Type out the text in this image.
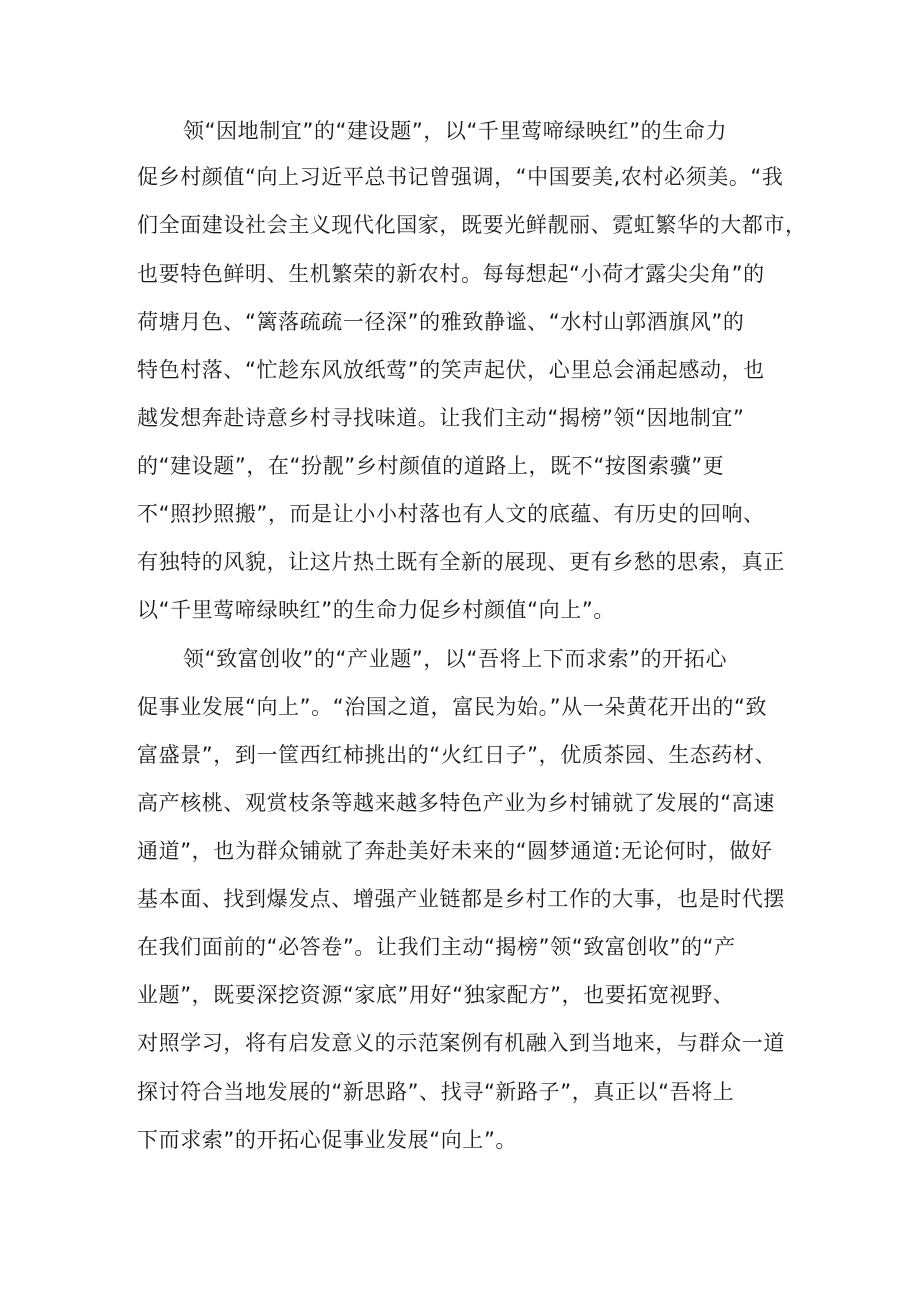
领“因地制宜”的“建设题”，以“千里莺啼绿映红”的生命力
促乡村颜值“向上习近平总书记曾强调，“中国要美,农村必须美。“我
们全面建设社会主义现代化国家，既要光鲜靓丽、霓虹繁华的大都市，
也要特色鲜明、生机繁荣的新农村。每每想起“小荷才露尖尖角”的
荷塘月色、“篱落疏疏一径深”的雅致静谧、“水村山郭酒旗风”的
特色村落、“忙趁东风放纸莺”的笑声起伏，心里总会涌起感动，也
越发想奔赴诗意乡村寻找味道。让我们主动“揭榜”领“因地制宜”
的“建设题”，在“扮靓”乡村颜值的道路上，既不“按图索骥”更
不“照抄照搬”，而是让小小村落也有人文的底蕴、有历史的回响、
有独特的风貌，让这片热土既有全新的展现、更有乡愁的思索，真正
以“千里莺啼绿映红”的生命力促乡村颜值“向上”。
领“致富创收”的“产业题”，以“吾将上下而求索”的开拓心
促事业发展“向上”。“治国之道，富民为始。”从一朵黄花开出的“致
富盛景”，到一筐西红柿挑出的“火红日子”，优质茶园、生态药材、
高产核桃、观赏枝条等越来越多特色产业为乡村铺就了发展的“高速
通道”，也为群众铺就了奔赴美好未来的“圆梦通道:无论何时，做好
基本面、找到爆发点、增强产业链都是乡村工作的大事，也是时代摆
在我们面前的“必答卷”。让我们主动“揭榜”领“致富创收”的“产
业题”，既要深挖资源“家底”用好“独家配方”，也要拓宽视野、
对照学习，将有启发意义的示范案例有机融入到当地来，与群众一道
探讨符合当地发展的“新思路”、找寻“新路子”，真正以“吾将上
下而求索”的开拓心促事业发展“向上”。
